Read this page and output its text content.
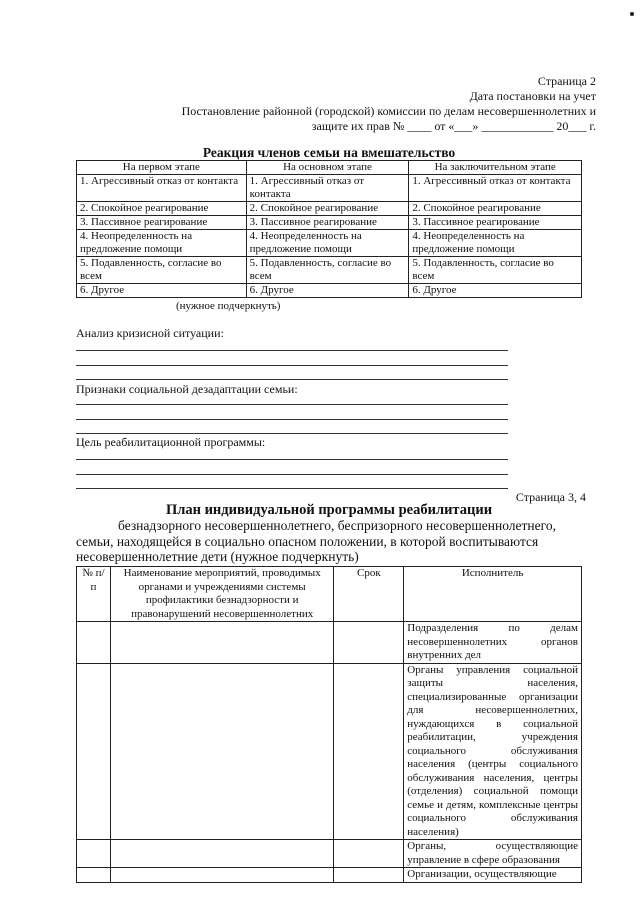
Страница 2
Дата постановки на учет
Постановление районной (городской) комиссии по делам несовершеннолетних и
защите их прав № ____ от «___» ____________ 20___ г.
Реакция членов семьи на вмешательство
На первом этапе	На основном этапе	На заключительном этапе
1. Агрессивный отказ от контакта	1. Агрессивный отказ от контакта	1. Агрессивный отказ от контакта
2. Спокойное реагирование	2. Спокойное реагирование	2. Спокойное реагирование
3. Пассивное реагирование	3. Пассивное реагирование	3. Пассивное реагирование
4. Неопределенность на предложение помощи	4. Неопределенность на предложение помощи	4. Неопределенность на предложение помощи
5. Подавленность, согласие во всем	5. Подавленность, согласие во всем	5. Подавленность, согласие во всем
6. Другое	6. Другое	6. Другое
(нужное подчеркнуть)
Анализ кризисной ситуации:
Признаки социальной дезадаптации семьи:
Цель реабилитационной программы:
Страница 3, 4
План индивидуальной программы реабилитации
безнадзорного несовершеннолетнего, беспризорного несовершеннолетнего,
семьи, находящейся в социально опасном положении, в которой воспитываются
несовершеннолетние дети (нужное подчеркнуть)
№ п/п	Наименование мероприятий, проводимых органами и учреждениями системы профилактики безнадзорности и правонарушений несовершеннолетних	Срок	Исполнитель
			Подразделения по делам несовершеннолетних органов внутренних дел
			Органы управления социальной защиты населения, специализированные организации для несовершеннолетних, нуждающихся в социальной реабилитации, учреждения социального обслуживания населения (центры социального обслуживания населения, центры (отделения) социальной помощи семье и детям, комплексные центры социального обслуживания населения)
			Органы, осуществляющие управление в сфере образования
			Организации, осуществляющие
